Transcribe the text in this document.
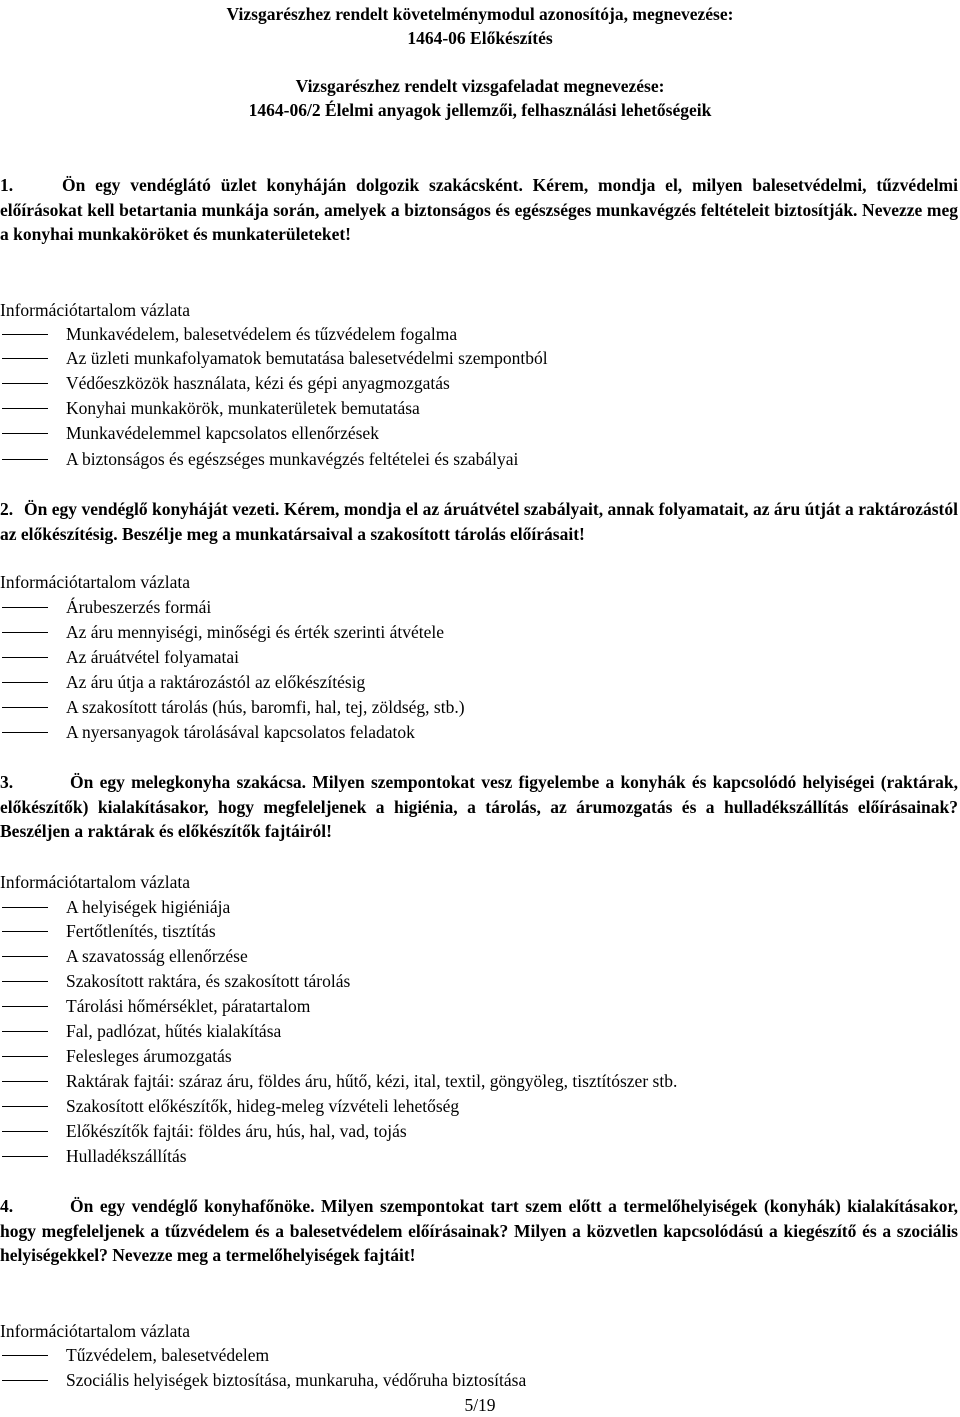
Vizsgarészhez rendelt követelménymodul azonosítója, megnevezése:
1464-06 Előkészítés
Vizsgarészhez rendelt vizsgafeladat megnevezése:
1464-06/2 Élelmi anyagok jellemzői, felhasználási lehetőségeik
1.	Ön egy vendéglátó üzlet konyháján dolgozik szakácsként. Kérem, mondja el, milyen balesetvédelmi, tűzvédelmi előírásokat kell betartania munkája során, amelyek a biztonságos és egészséges munkavégzés feltételeit biztosítják. Nevezze meg a konyhai munkaköröket és munkaterületeket!
Információtartalom vázlata
Munkavédelem, balesetvédelem és tűzvédelem fogalma
Az üzleti munkafolyamatok bemutatása balesetvédelmi szempontból
Védőeszközök használata, kézi és gépi anyagmozgatás
Konyhai munkakörök, munkaterületek bemutatása
Munkavédelemmel kapcsolatos ellenőrzések
A biztonságos és egészséges munkavégzés feltételei és szabályai
2. Ön egy vendéglő konyháját vezeti. Kérem, mondja el az áruátvétel szabályait, annak folyamatait, az áru útját a raktározástól az előkészítésig. Beszélje meg a munkatársaival a szakosított tárolás előírásait!
Információtartalom vázlata
Árubeszerzés formái
Az áru mennyiségi, minőségi és érték szerinti átvétele
Az áruátvétel folyamatai
Az áru útja a raktározástól az előkészítésig
A szakosított tárolás (hús, baromfi, hal, tej, zöldség, stb.)
A nyersanyagok tárolásával kapcsolatos feladatok
3.	Ön egy melegkonyha szakácsa. Milyen szempontokat vesz figyelembe a konyhák és kapcsolódó helyiségei (raktárak, előkészítők) kialakításakor, hogy megfeleljenek a higiénia, a tárolás, az árumozgatás és a hulladékszállítás előírásainak? Beszéljen a raktárak és előkészítők fajtáiról!
Információtartalom vázlata
A helyiségek higiéniája
Fertőtlenítés, tisztítás
A szavatosság ellenőrzése
Szakosított raktára, és szakosított tárolás
Tárolási hőmérséklet, páratartalom
Fal, padlózat, hűtés kialakítása
Felesleges árumozgatás
Raktárak fajtái: száraz áru, földes áru, hűtő, kézi, ital, textil, göngyöleg, tisztítószer stb.
Szakosított előkészítők, hideg-meleg vízvételi lehetőség
Előkészítők fajtái: földes áru, hús, hal, vad, tojás
Hulladékszállítás
4.	Ön egy vendéglő konyhafőnöke. Milyen szempontokat tart szem előtt a termelőhelyiségek (konyhák) kialakításakor, hogy megfeleljenek a tűzvédelem és a balesetvédelem előírásainak? Milyen a közvetlen kapcsolódású a kiegészítő és a szociális helyiségekkel? Nevezze meg a termelőhelyiségek fajtáit!
Információtartalom vázlata
Tűzvédelem, balesetvédelem
Szociális helyiségek biztosítása, munkaruha, védőruha biztosítása
5/19
